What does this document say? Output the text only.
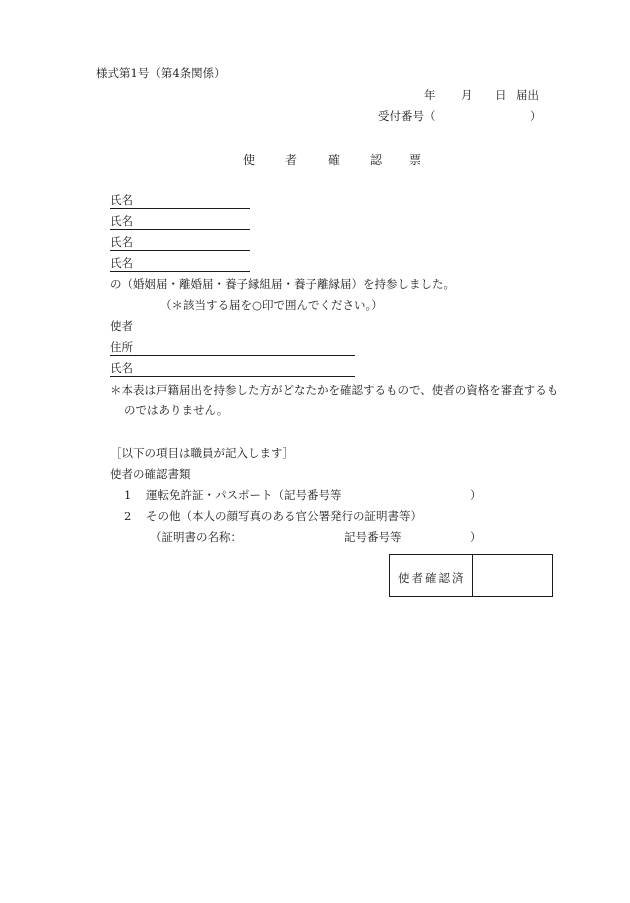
様式第1号（第4条関係）
年 月 日 届出
受付番号（	）
使 者	確 認 票
氏名
氏名
氏名
氏名
の（婚姻届・離婚届・養子縁組届・養子離縁届）を持参しました。
（＊該当する届を○印で囲んでください。）
使者
住所
氏名
＊本表は戸籍届出を持参した方がどなたかを確認するもので、使者の資格を審査するも
のではありません。
［以下の項目は職員が記入します］
使者の確認書類
1 運転免許証・パスポート（記号番号等	）
2 その他（本人の顔写真のある官公署発行の証明書等）
（証明書の名称：	記号番号等	）
使者確認済
